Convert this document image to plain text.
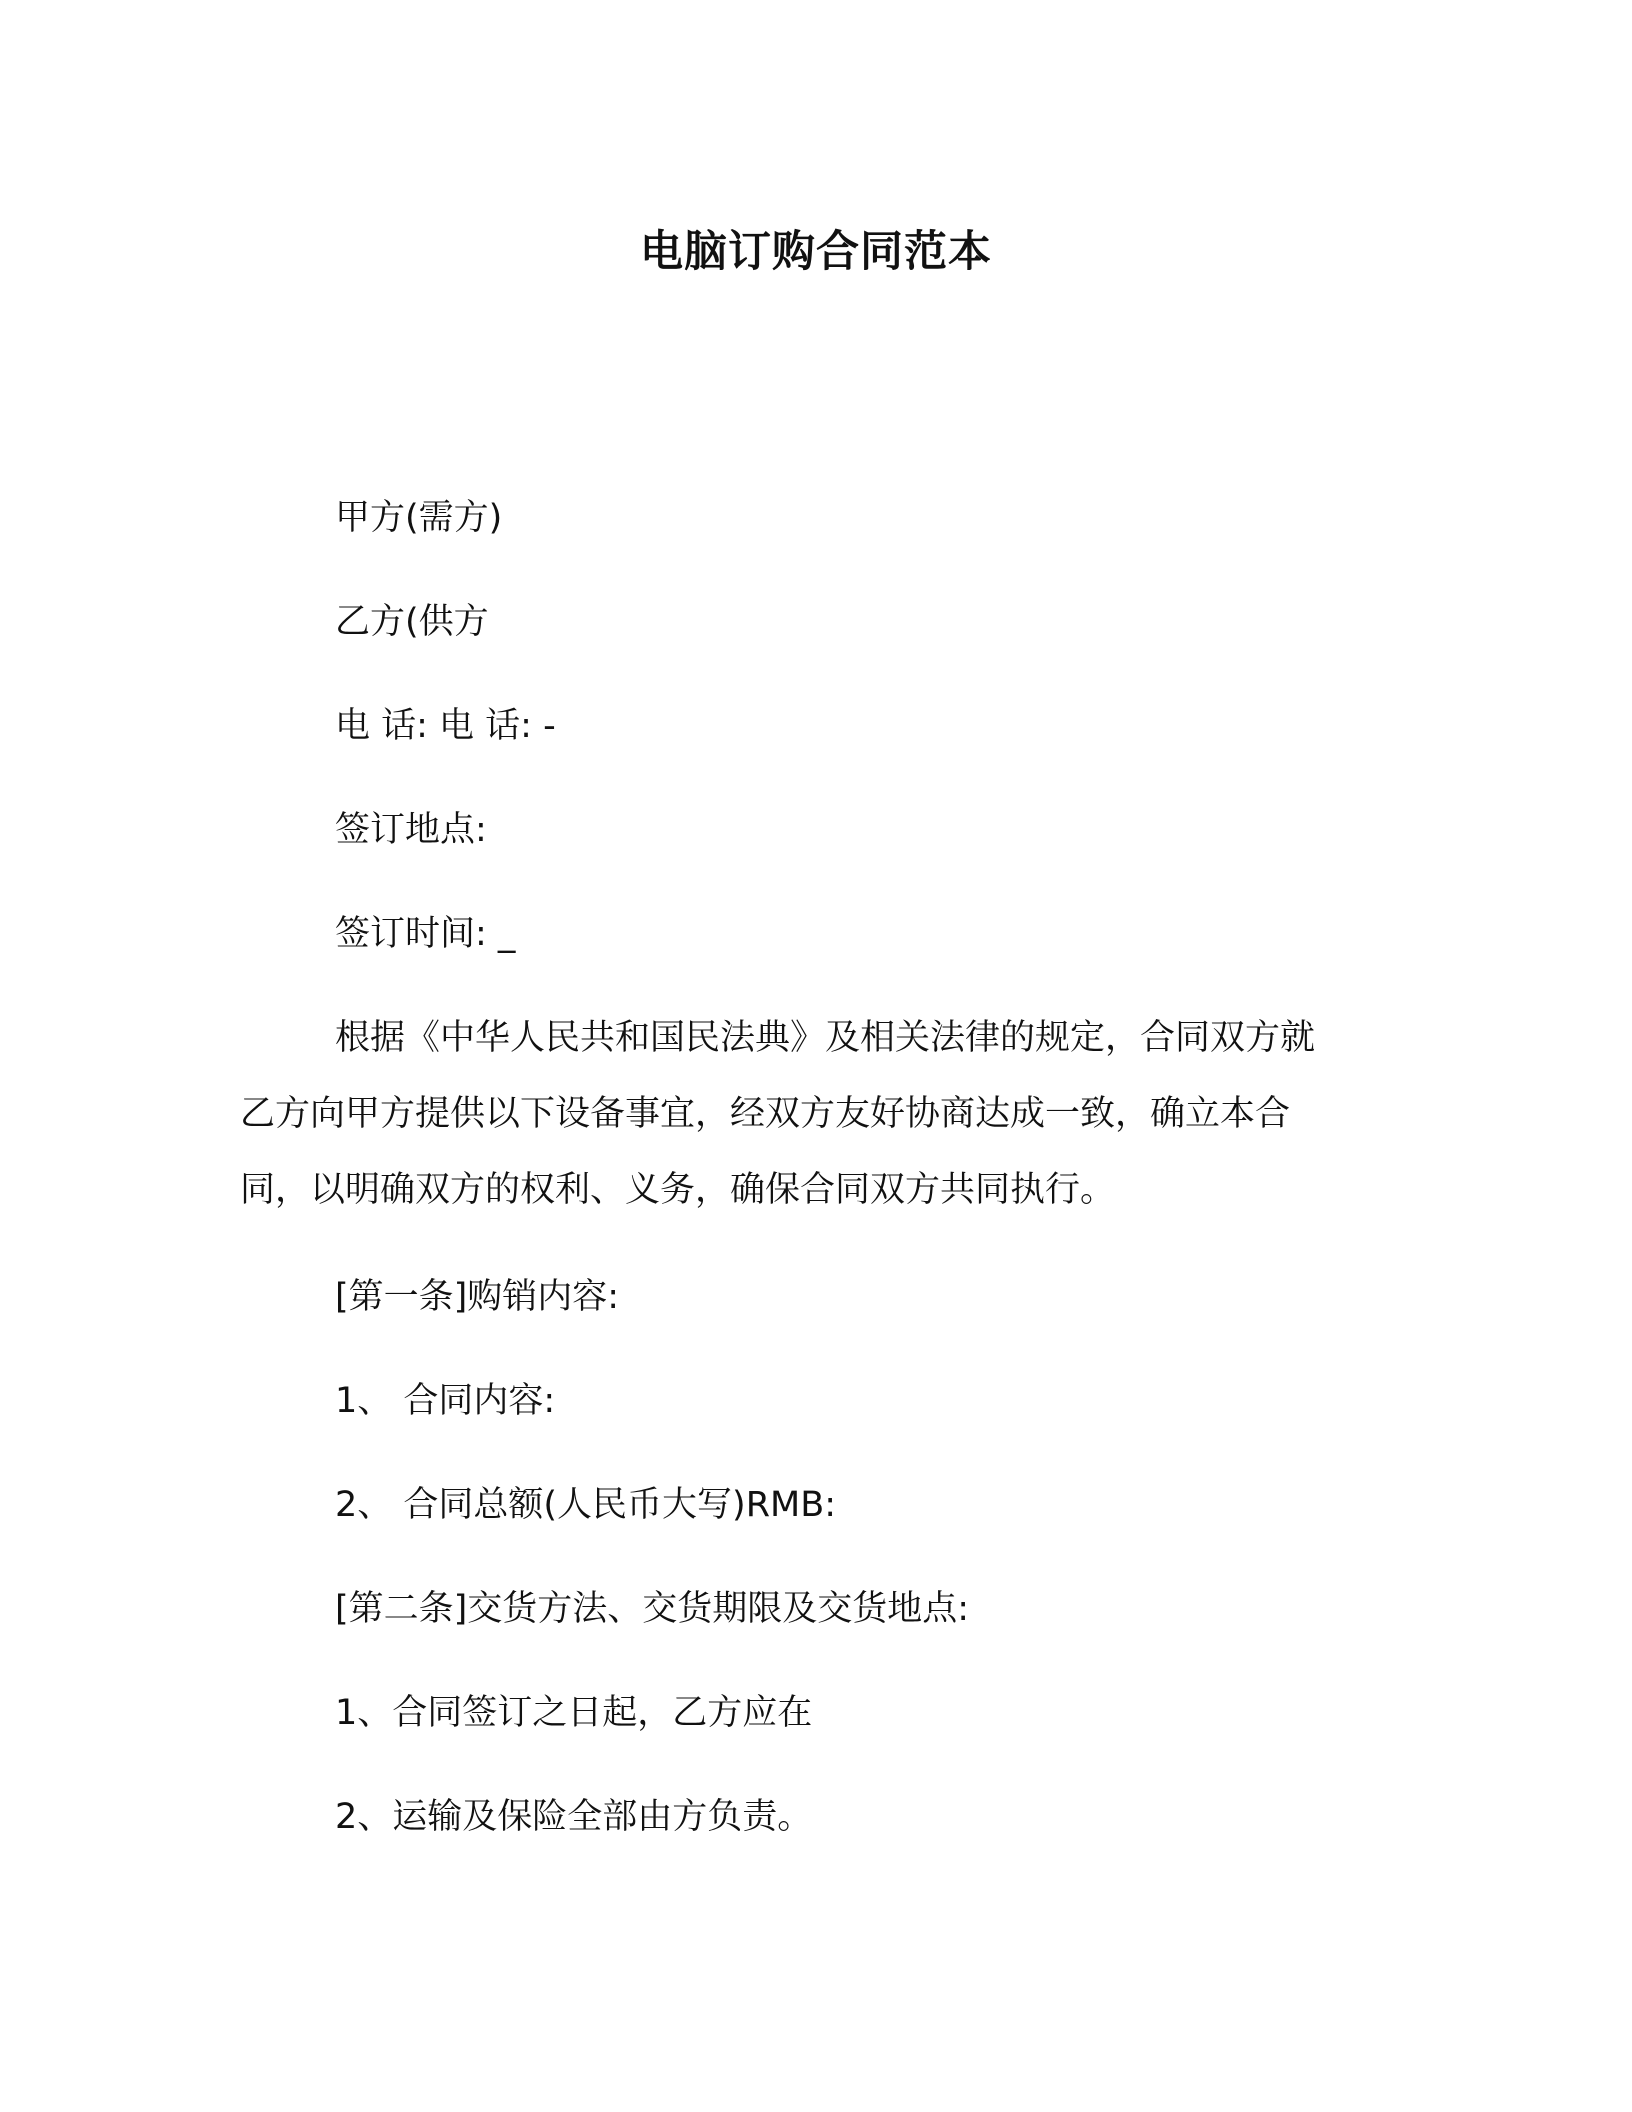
电脑订购合同范本
甲方(需方)
乙方(供方
电 话: 电 话: -
签订地点:
签订时间: _
根据《中华人民共和国民法典》及相关法律的规定，合同双方就
乙方向甲方提供以下设备事宜，经双方友好协商达成一致，确立本合
同，以明确双方的权利、义务，确保合同双方共同执行。
[第一条]购销内容:
1、 合同内容:
2、 合同总额(人民币大写)RMB:
[第二条]交货方法、交货期限及交货地点:
1、合同签订之日起，乙方应在
2、运输及保险全部由方负责。
